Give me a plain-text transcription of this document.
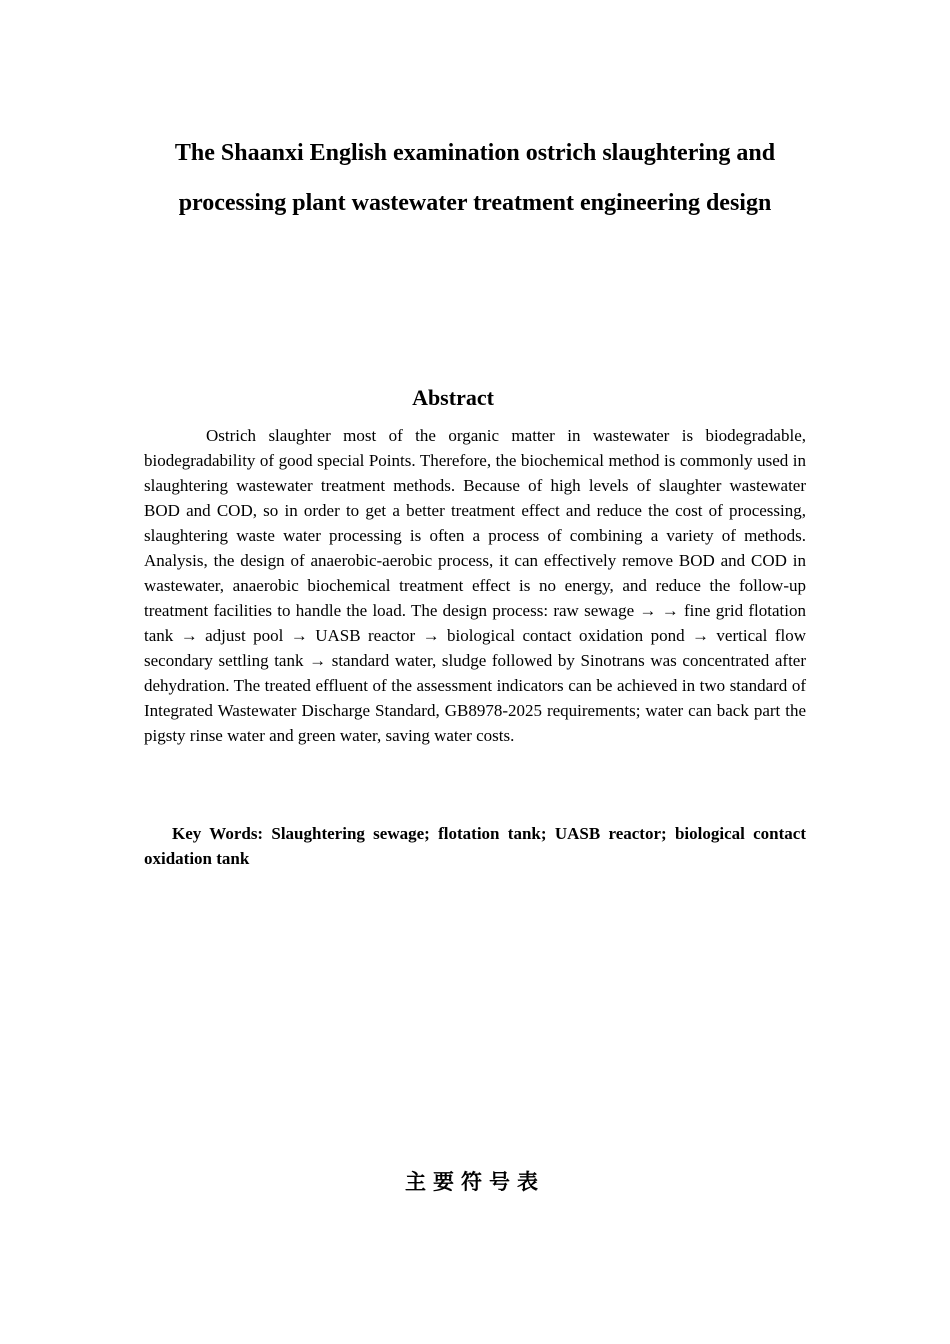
The Shaanxi English examination ostrich slaughtering and
processing plant wastewater treatment engineering design
Abstract

Ostrich slaughter most of the organic matter in wastewater is biodegradable, biodegradability of good special Points. Therefore, the biochemical method is commonly used in slaughtering wastewater treatment methods. Because of high levels of slaughter wastewater BOD and COD, so in order to get a better treatment effect and reduce the cost of processing, slaughtering waste water processing is often a process of combining a variety of methods. Analysis, the design of anaerobic-aerobic process, it can effectively remove BOD and COD in wastewater, anaerobic biochemical treatment effect is no energy, and reduce the follow-up treatment facilities to handle the load. The design process: raw sewage → → fine grid flotation tank → adjust pool → UASB reactor → biological contact oxidation pond → vertical flow secondary settling tank → standard water, sludge followed by Sinotrans was concentrated after dehydration. The treated effluent of the assessment indicators can be achieved in two standard of Integrated Wastewater Discharge Standard, GB8978-2025 requirements; water can back part the pigsty rinse water and green water, saving water costs.

Key Words: Slaughtering sewage; flotation tank; UASB reactor; biological contact oxidation tank

主要符号表
